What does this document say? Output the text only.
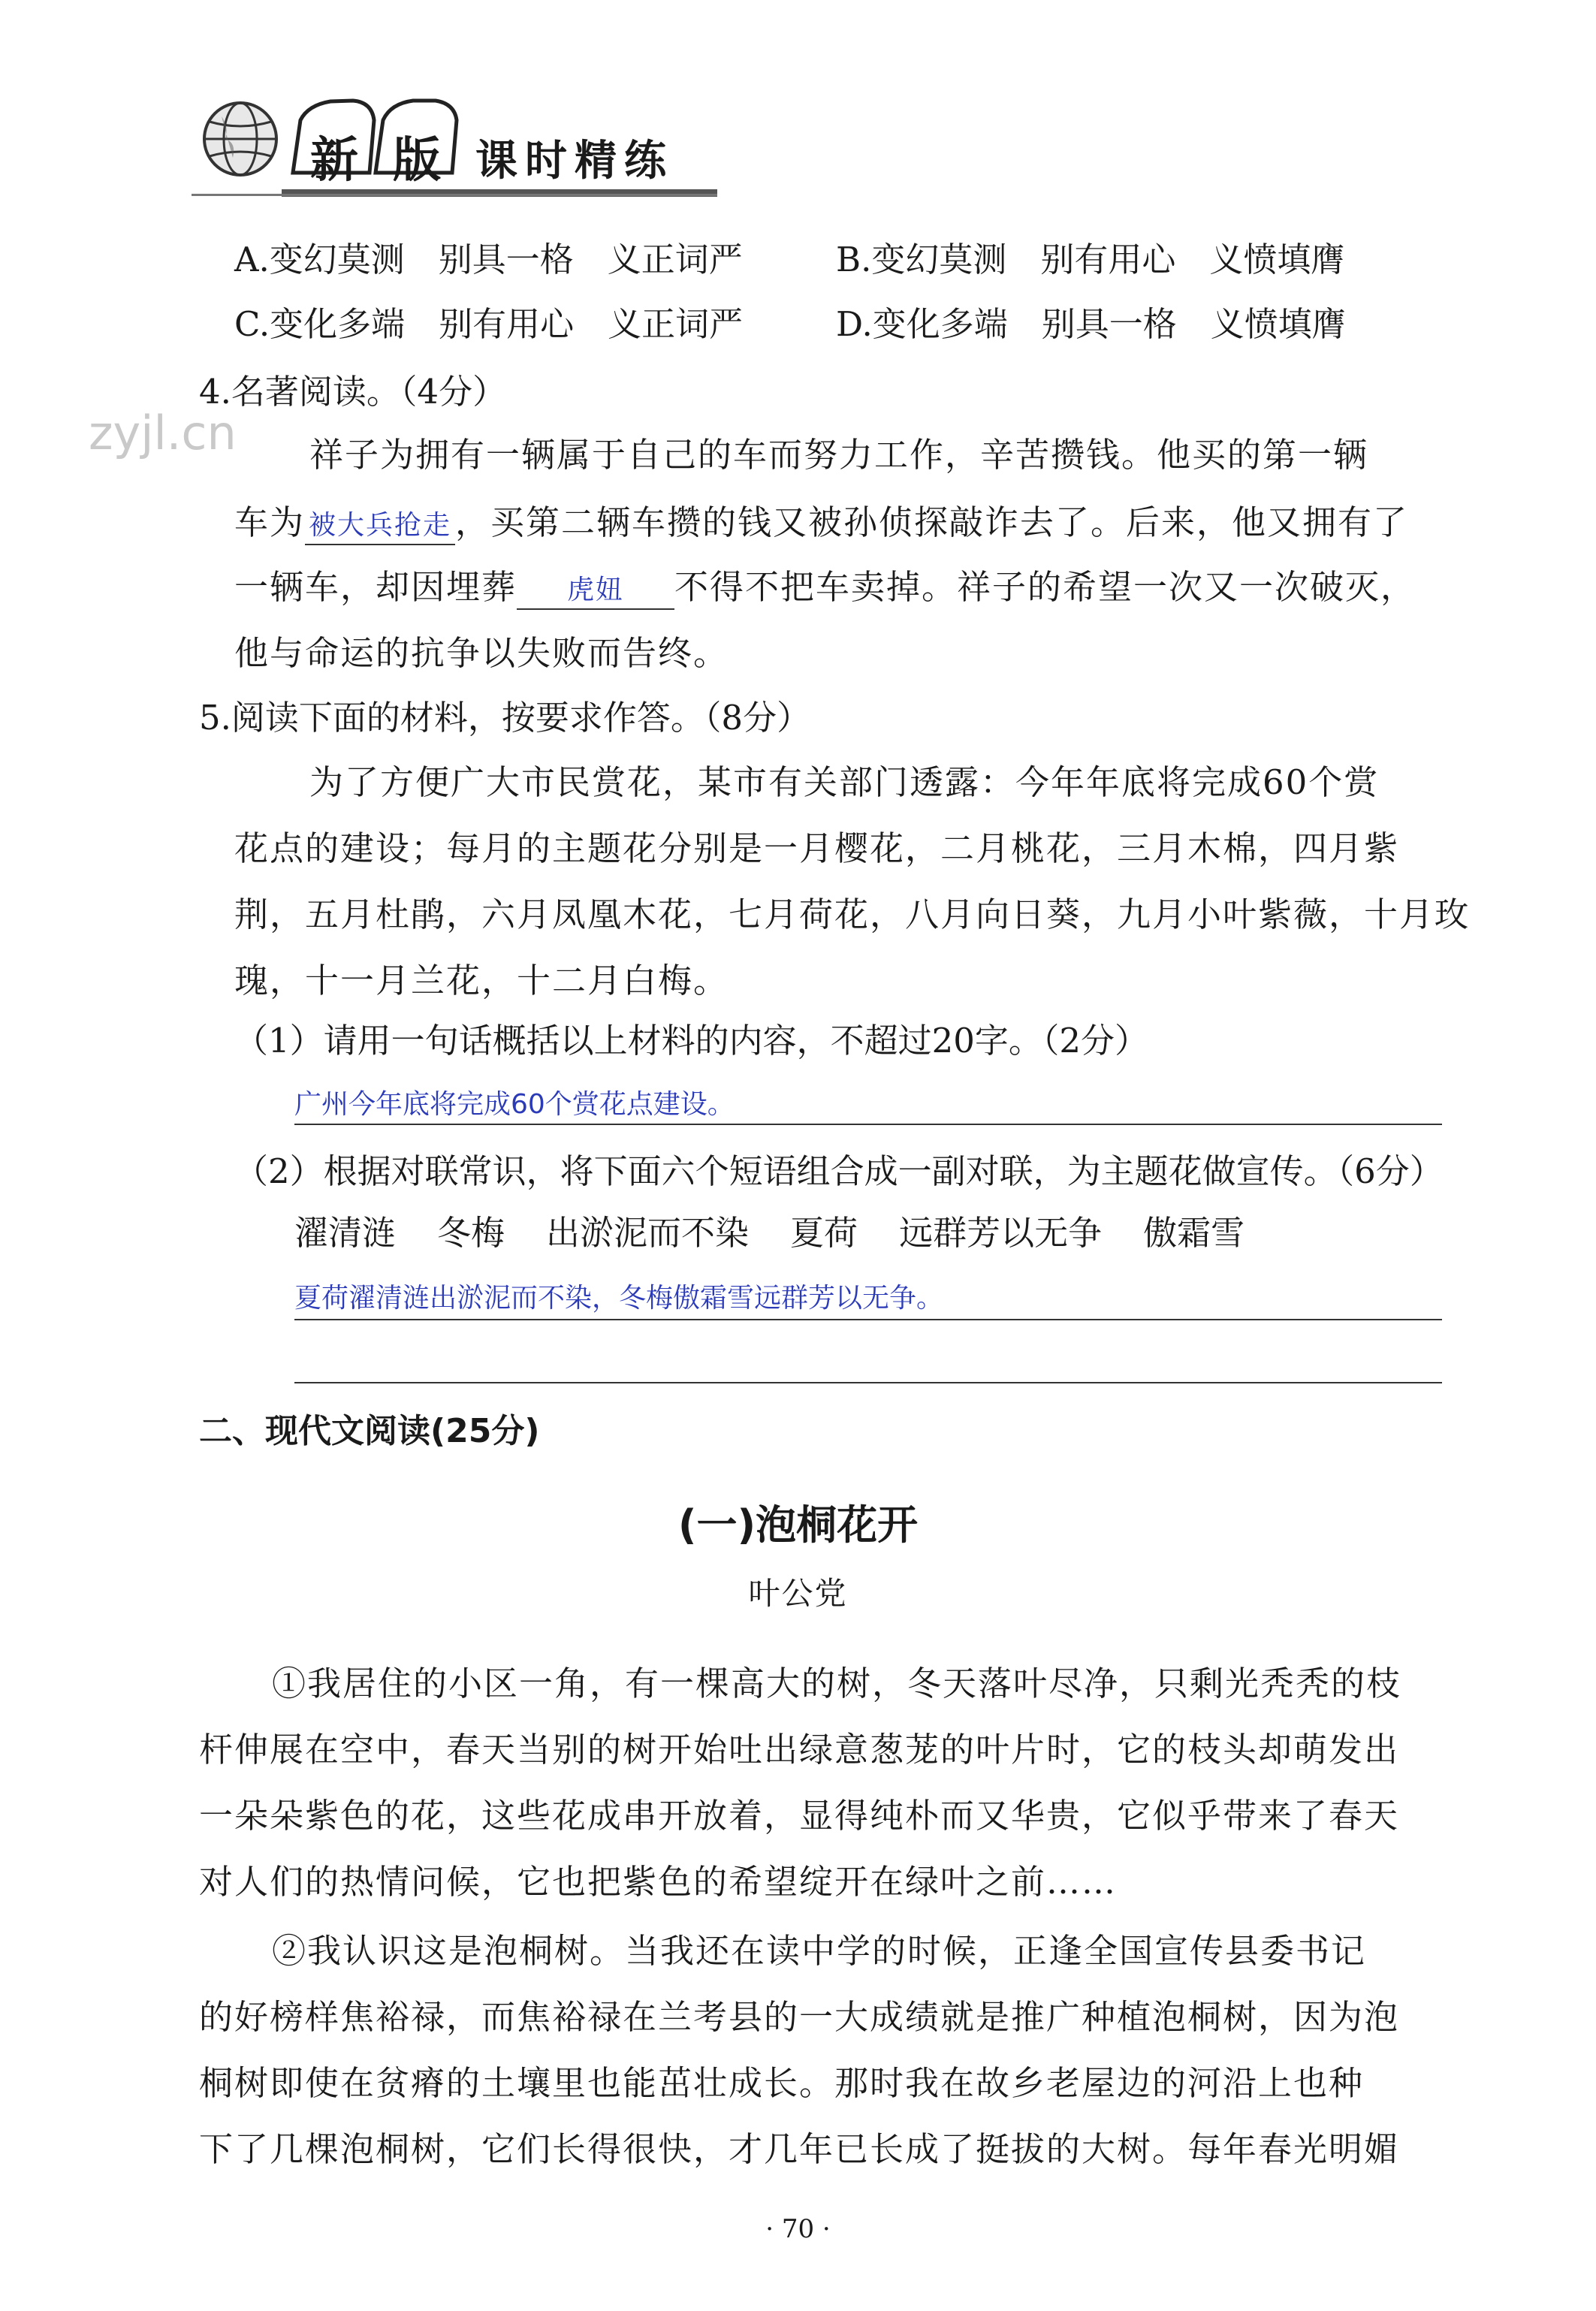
新 版 课时精练
zyjl.cn
A.变幻莫测　别具一格　义正词严	B.变幻莫测　别有用心　义愤填膺
C.变化多端　别有用心　义正词严	D.变化多端　别具一格　义愤填膺
4.名著阅读。（4分）
祥子为拥有一辆属于自己的车而努力工作，辛苦攒钱。他买的第一辆
车为 被大兵抢走 ，买第二辆车攒的钱又被孙侦探敲诈去了。后来，他又拥有了
一辆车，却因埋葬 虎妞 不得不把车卖掉。祥子的希望一次又一次破灭，
他与命运的抗争以失败而告终。
5.阅读下面的材料，按要求作答。（8分）
为了方便广大市民赏花，某市有关部门透露：今年年底将完成60个赏
花点的建设；每月的主题花分别是一月樱花，二月桃花，三月木棉，四月紫
荆，五月杜鹃，六月凤凰木花，七月荷花，八月向日葵，九月小叶紫薇，十月玫
瑰，十一月兰花，十二月白梅。
（1）请用一句话概括以上材料的内容，不超过20字。（2分）
广州今年底将完成60个赏花点建设。
（2）根据对联常识，将下面六个短语组合成一副对联，为主题花做宣传。（6分）
濯清涟 冬梅 出淤泥而不染 夏荷 远群芳以无争 傲霜雪
夏荷濯清涟出淤泥而不染，冬梅傲霜雪远群芳以无争。
二、现代文阅读(25分)
(一)泡桐花开
叶公党
①我居住的小区一角，有一棵高大的树，冬天落叶尽净，只剩光秃秃的枝
杆伸展在空中，春天当别的树开始吐出绿意葱茏的叶片时，它的枝头却萌发出
一朵朵紫色的花，这些花成串开放着，显得纯朴而又华贵，它似乎带来了春天
对人们的热情问候，它也把紫色的希望绽开在绿叶之前……
②我认识这是泡桐树。当我还在读中学的时候，正逢全国宣传县委书记
的好榜样焦裕禄，而焦裕禄在兰考县的一大成绩就是推广种植泡桐树，因为泡
桐树即使在贫瘠的土壤里也能茁壮成长。那时我在故乡老屋边的河沿上也种
下了几棵泡桐树，它们长得很快，才几年已长成了挺拔的大树。每年春光明媚
· 70 ·
